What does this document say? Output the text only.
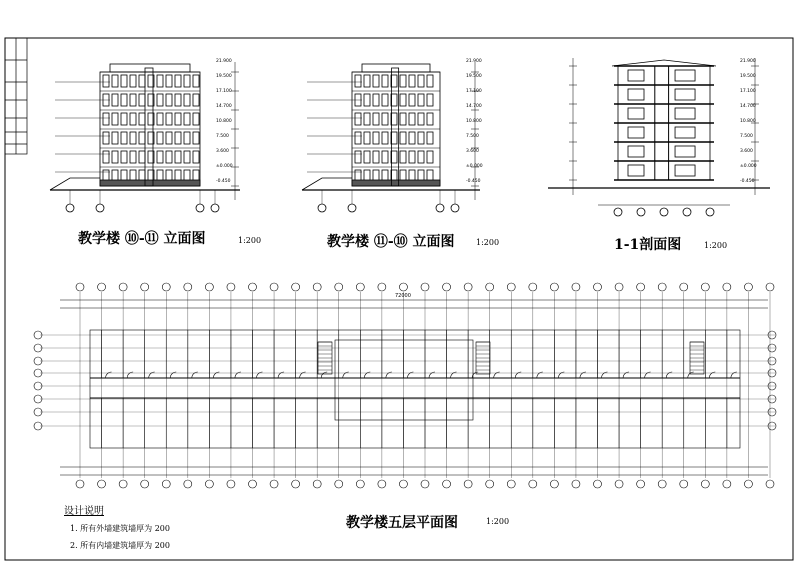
21.900
19.500
17.100
14.700
10.800
7.500
3.600
±0.000
-0.450
21.900
19.500
17.100
14.700
10.800
7.500
3.600
±0.000
-0.450
21.900
19.500
17.100
14.700
10.800
7.500
3.600
±0.000
-0.450
72000
教学楼 ⑩-⑪ 立面图	1:200	教学楼 ⑪-⑩ 立面图	1:200	1-1剖面图	1:200
教学楼五层平面图	1:200
设计说明
1. 所有外墙建筑墙厚为 200
2. 所有内墙建筑墙厚为 200
